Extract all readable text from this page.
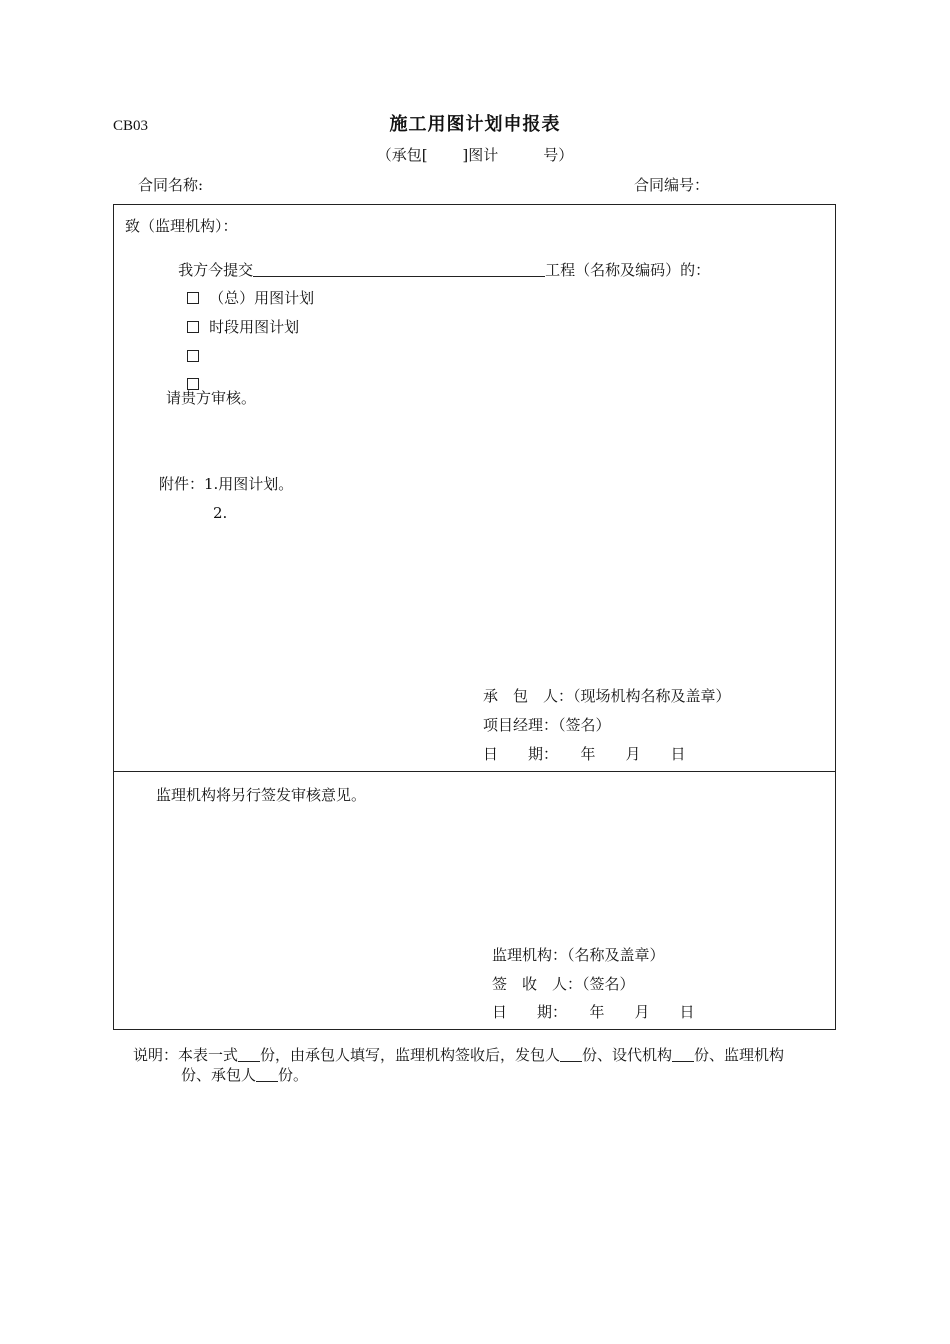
CB03	施工用图计划申报表
（承包[　　 ]图计　　　号）
合同名称:	合同编号：
致（监理机构）：

我方今提交	工程（名称及编码）的：

（总）用图计划

时段用图计划

请贵方审核。
附件：1.用图计划。
2.
承　包　人：（现场机构名称及盖章）
项目经理：（签名）
日　　期：　　年　　月　　日
监理机构将另行签发审核意见。
监理机构：（名称及盖章）
签　收　人：（签名）
日　　期：　　年　　月　　日
说明：本表一式 份，由承包人填写，监理机构签收后，发包人 份、设代机构 份、监理机构
份、承包人 份。
